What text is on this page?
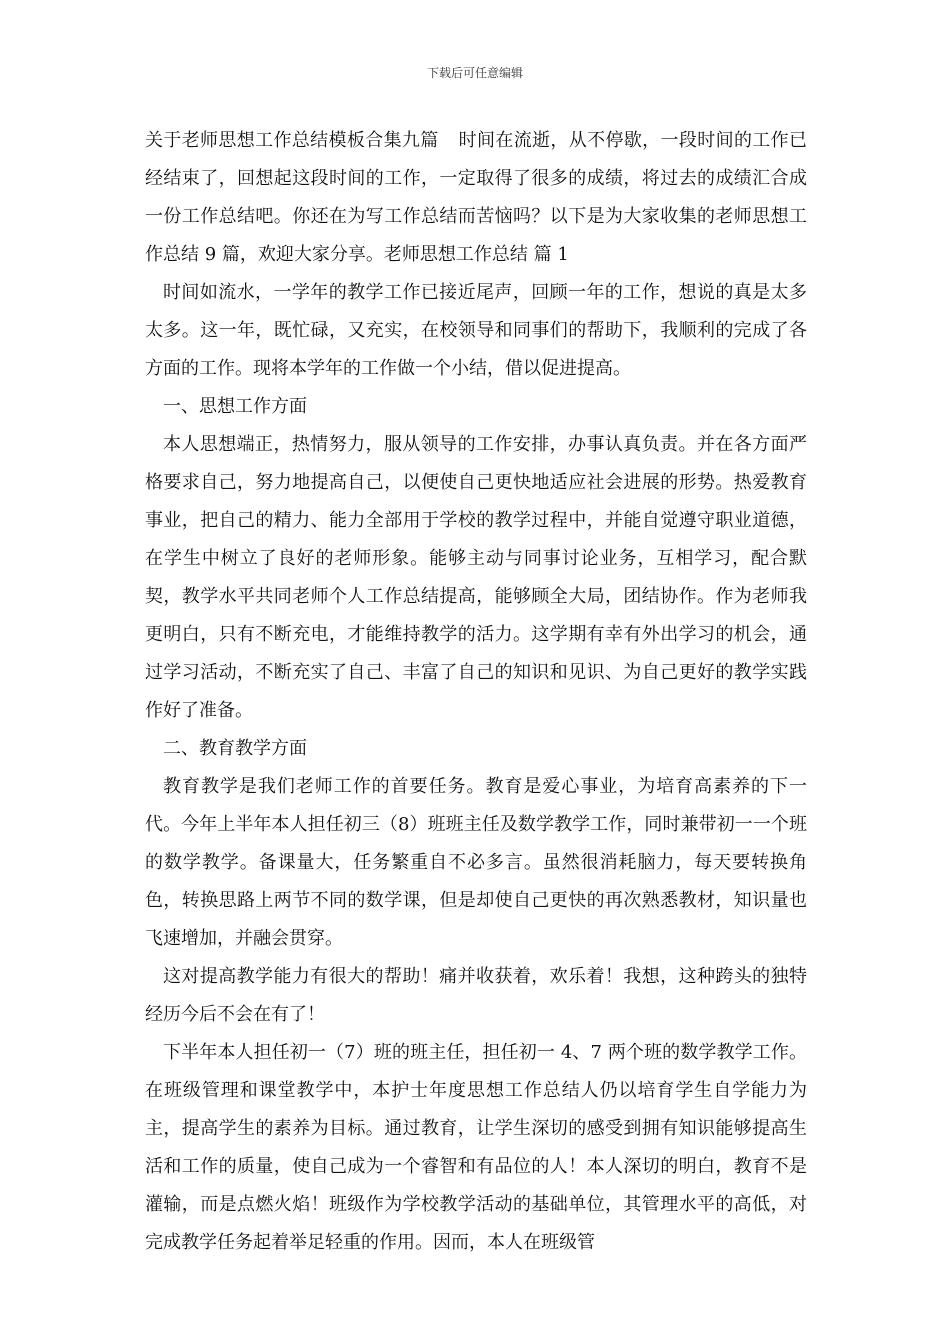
下载后可任意编辑

关于老师思想工作总结模板合集九篇 时间在流逝，从不停歇，一段时间的工作已经结束了，回想起这段时间的工作，一定取得了很多的成绩，将过去的成绩汇合成一份工作总结吧。你还在为写工作总结而苦恼吗？以下是为大家收集的老师思想工作总结 9 篇，欢迎大家分享。老师思想工作总结 篇 1

时间如流水，一学年的教学工作已接近尾声，回顾一年的工作，想说的真是太多太多。这一年，既忙碌，又充实，在校领导和同事们的帮助下，我顺利的完成了各方面的工作。现将本学年的工作做一个小结，借以促进提高。

一、思想工作方面

本人思想端正，热情努力，服从领导的工作安排，办事认真负责。并在各方面严格要求自己，努力地提高自己，以便使自己更快地适应社会进展的形势。热爱教育事业，把自己的精力、能力全部用于学校的教学过程中，并能自觉遵守职业道德，在学生中树立了良好的老师形象。能够主动与同事讨论业务，互相学习，配合默契，教学水平共同老师个人工作总结提高，能够顾全大局，团结协作。作为老师我更明白，只有不断充电，才能维持教学的活力。这学期有幸有外出学习的机会，通过学习活动，不断充实了自己、丰富了自己的知识和见识、为自己更好的教学实践作好了准备。

二、教育教学方面

教育教学是我们老师工作的首要任务。教育是爱心事业，为培育高素养的下一代。今年上半年本人担任初三（8）班班主任及数学教学工作，同时兼带初一一个班的数学教学。备课量大，任务繁重自不必多言。虽然很消耗脑力，每天要转换角色，转换思路上两节不同的数学课，但是却使自己更快的再次熟悉教材，知识量也飞速增加，并融会贯穿。

这对提高教学能力有很大的帮助！痛并收获着，欢乐着！我想，这种跨头的独特经历今后不会在有了！

下半年本人担任初一（7）班的班主任，担任初一 4、7 两个班的数学教学工作。在班级管理和课堂教学中，本护士年度思想工作总结人仍以培育学生自学能力为主，提高学生的素养为目标。通过教育，让学生深切的感受到拥有知识能够提高生活和工作的质量，使自己成为一个睿智和有品位的人！本人深切的明白，教育不是灌输，而是点燃火焰！班级作为学校教学活动的基础单位，其管理水平的高低，对完成教学任务起着举足轻重的作用。因而，本人在班级管
